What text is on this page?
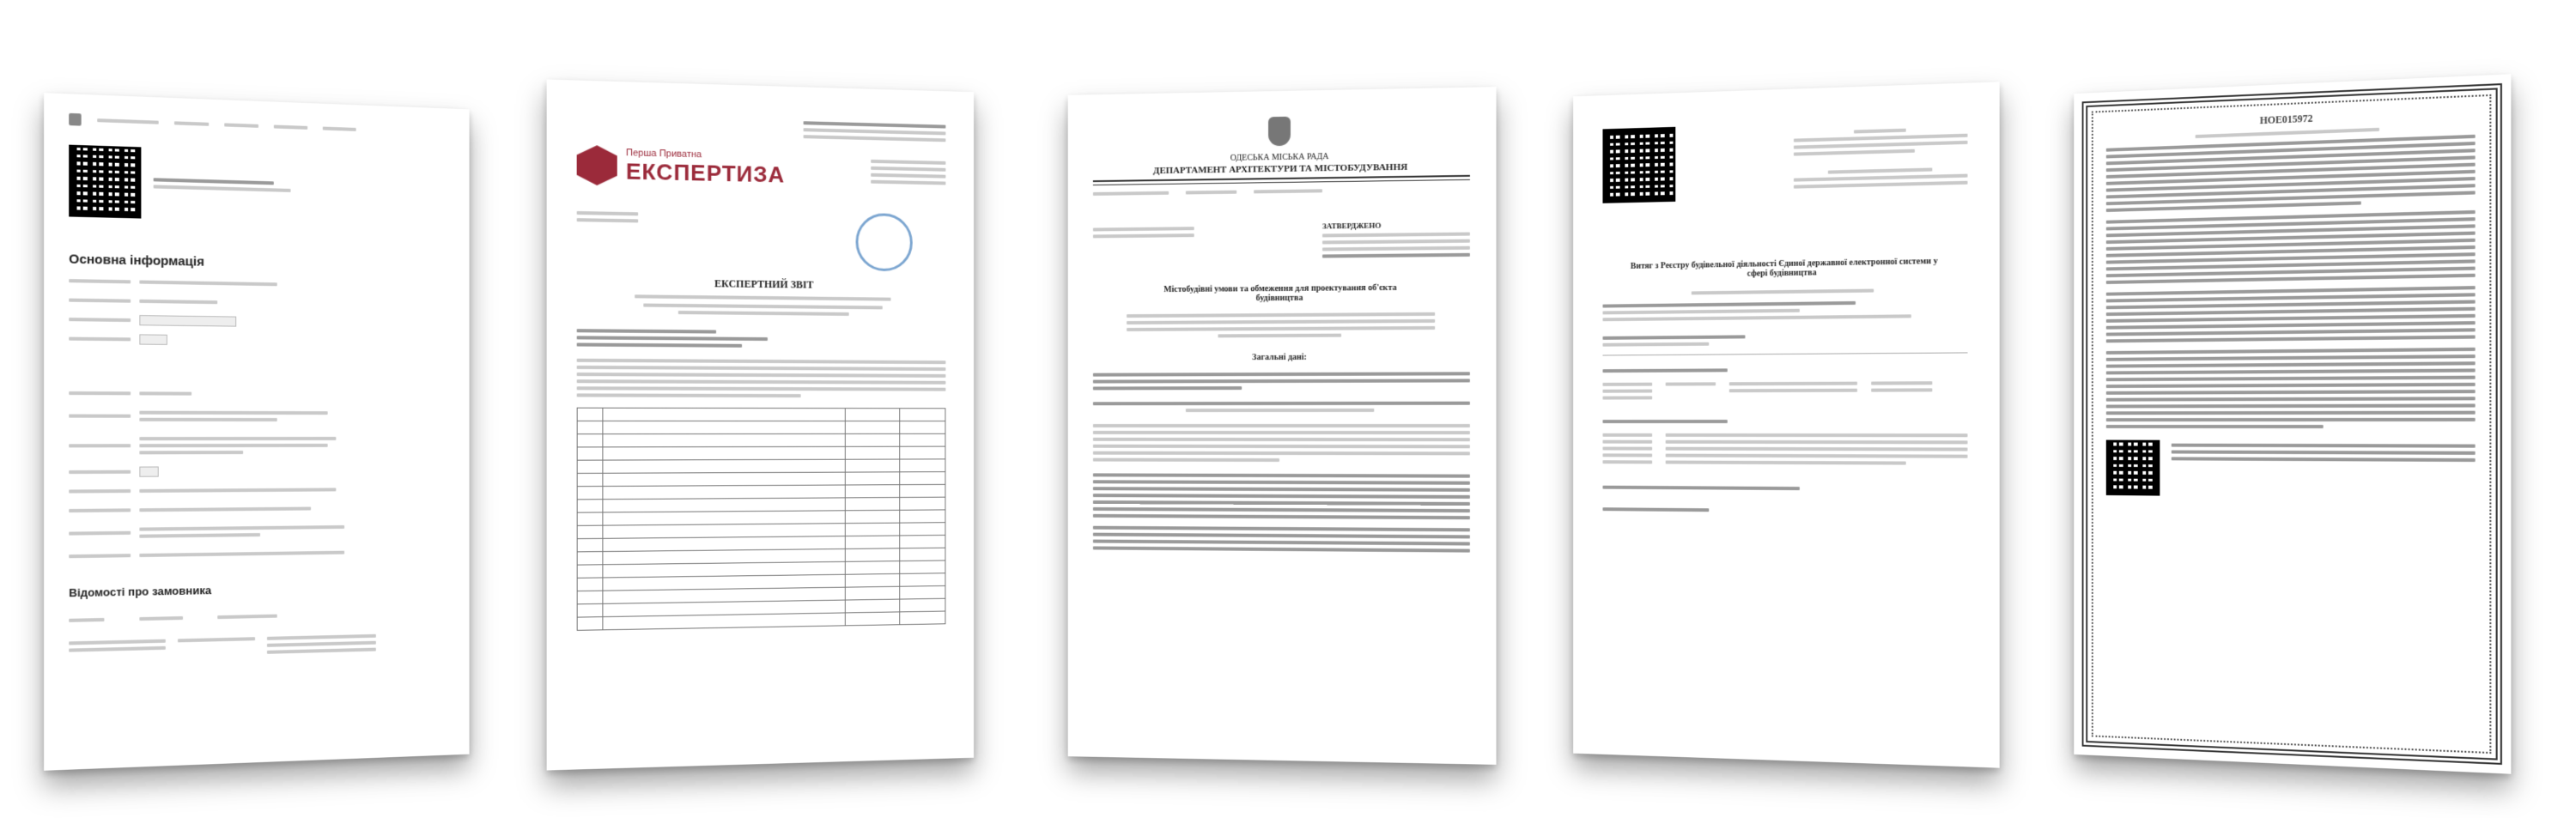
Основна інформація
Відомості про замовника
Перша Приватна
ЕКСПЕРТИЗА
ЕКСПЕРТНИЙ ЗВІТ

ОДЕСЬКА МІСЬКА РАДА
ДЕПАРТАМЕНТ АРХІТЕКТУРИ ТА МІСТОБУДУВАННЯ
ЗАТВЕРДЖЕНО
Містобудівні умови та обмеження для проектування об'єкта будівництва
Загальні дані:
Витяг з Реєстру будівельної діяльності Єдиної державної електронної системи у сфері будівництва
НОЕ015972
